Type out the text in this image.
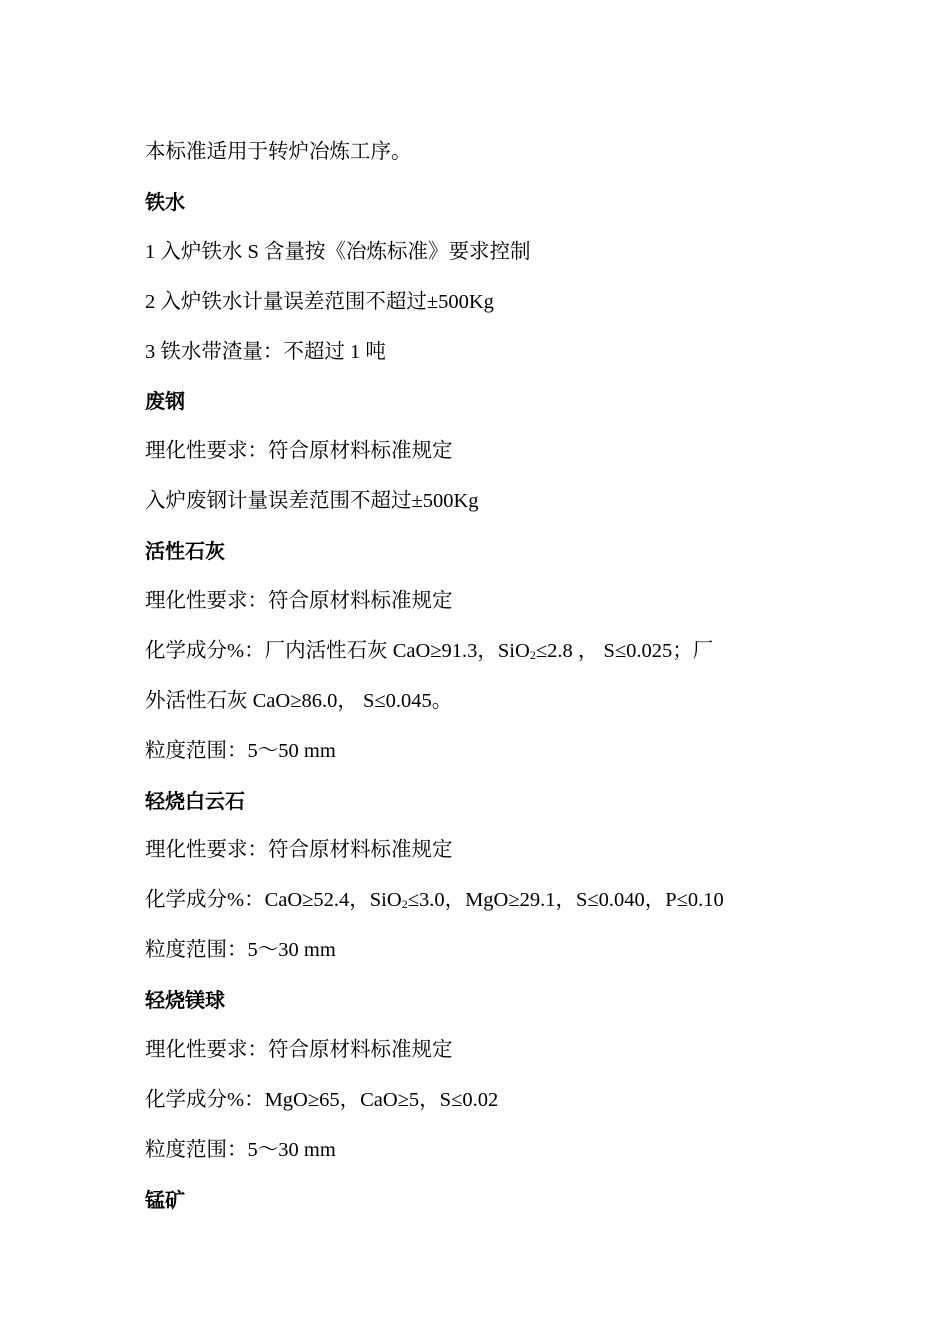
本标准适用于转炉冶炼工序。
铁水
1 入炉铁水 S 含量按《冶炼标准》要求控制
2 入炉铁水计量误差范围不超过±500Kg
3 铁水带渣量：不超过 1 吨
废钢
理化性要求：符合原材料标准规定
入炉废钢计量误差范围不超过±500Kg
活性石灰
理化性要求：符合原材料标准规定
化学成分%：厂内活性石灰 CaO≥91.3，SiO2≤2.8 ， S≤0.025；厂
外活性石灰 CaO≥86.0， S≤0.045。
粒度范围：5～50 mm
轻烧白云石
理化性要求：符合原材料标准规定
化学成分%：CaO≥52.4，SiO2≤3.0，MgO≥29.1，S≤0.040，P≤0.10
粒度范围：5～30 mm
轻烧镁球
理化性要求：符合原材料标准规定
化学成分%：MgO≥65，CaO≥5，S≤0.02
粒度范围：5～30 mm
锰矿
